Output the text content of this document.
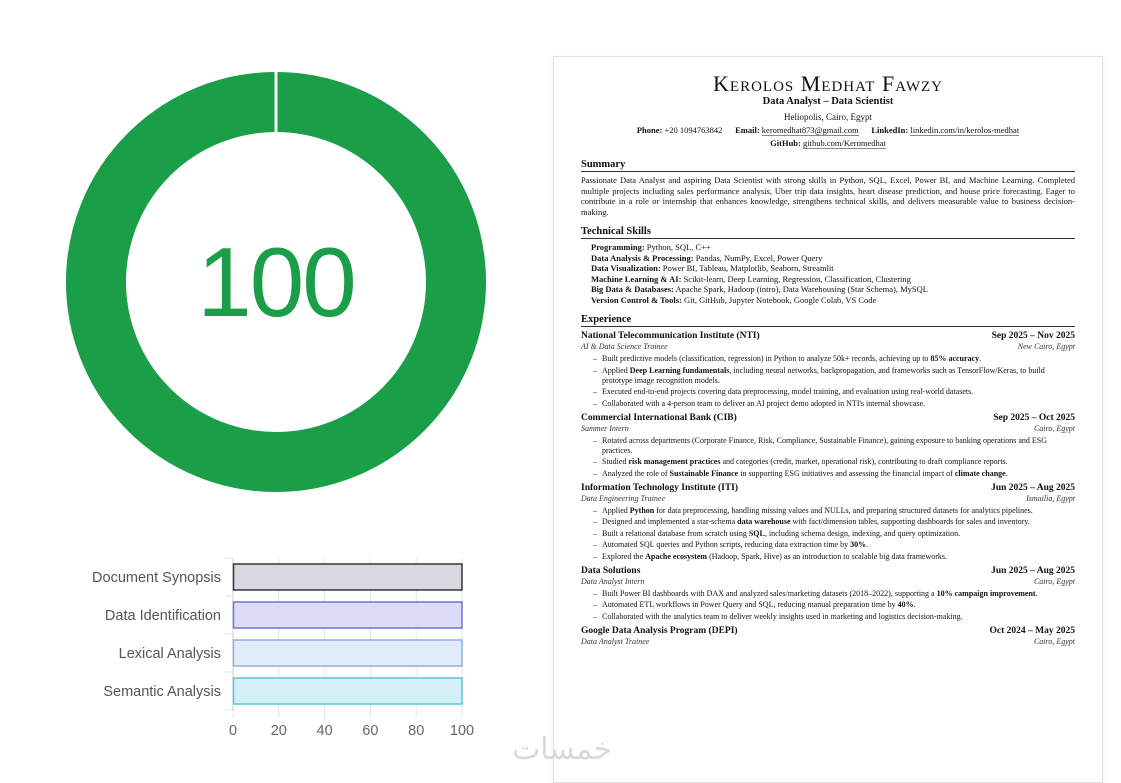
100
Document Synopsis
Data Identification
Lexical Analysis
Semantic Analysis
0 20 40 60 80 100
Kerolos Medhat Fawzy
Data Analyst – Data Scientist
Heliopolis, Cairo, Egypt
Phone: +20 1094763842 Email: keromedhat873@gmail.com LinkedIn: linkedin.com/in/kerolos-medhat
GitHub: github.com/Keromedhat
Summary
Passionate Data Analyst and aspiring Data Scientist with strong skills in Python, SQL, Excel, Power BI, and Machine Learning. Completed multiple projects including sales performance analysis, Uber trip data insights, heart disease prediction, and house price forecasting. Eager to contribute in a role or internship that enhances knowledge, strengthens technical skills, and delivers measurable value to business decision-making.
Technical Skills
Programming: Python, SQL, C++
Data Analysis & Processing: Pandas, NumPy, Excel, Power Query
Data Visualization: Power BI, Tableau, Matplotlib, Seaborn, Streamlit
Machine Learning & AI: Scikit-learn, Deep Learning, Regression, Classification, Clustering
Big Data & Databases: Apache Spark, Hadoop (intro), Data Warehousing (Star Schema), MySQL
Version Control & Tools: Git, GitHub, Jupyter Notebook, Google Colab, VS Code
Experience
National Telecommunication Institute (NTI)	Sep 2025 – Nov 2025
AI & Data Science Trainee	New Cairo, Egypt
– Built predictive models (classification, regression) in Python to analyze 50k+ records, achieving up to 85% accuracy.
– Applied Deep Learning fundamentals, including neural networks, backpropagation, and frameworks such as TensorFlow/Keras, to build prototype image recognition models.
– Executed end-to-end projects covering data preprocessing, model training, and evaluation using real-world datasets.
– Collaborated with a 4-person team to deliver an AI project demo adopted in NTI's internal showcase.
Commercial International Bank (CIB)	Sep 2025 – Oct 2025
Summer Intern	Cairo, Egypt
– Rotated across departments (Corporate Finance, Risk, Compliance, Sustainable Finance), gaining exposure to banking operations and ESG practices.
– Studied risk management practices and categories (credit, market, operational risk), contributing to draft compliance reports.
– Analyzed the role of Sustainable Finance in supporting ESG initiatives and assessing the financial impact of climate change.
Information Technology Institute (ITI)	Jun 2025 – Aug 2025
Data Engineering Trainee	Ismailia, Egypt
– Applied Python for data preprocessing, handling missing values and NULLs, and preparing structured datasets for analytics pipelines.
– Designed and implemented a star-schema data warehouse with fact/dimension tables, supporting dashboards for sales and inventory.
– Built a relational database from scratch using SQL, including schema design, indexing, and query optimization.
– Automated SQL queries and Python scripts, reducing data extraction time by 30%.
– Explored the Apache ecosystem (Hadoop, Spark, Hive) as an introduction to scalable big data frameworks.
Data Solutions	Jun 2025 – Aug 2025
Data Analyst Intern	Cairo, Egypt
– Built Power BI dashboards with DAX and analyzed sales/marketing datasets (2018–2022), supporting a 10% campaign improvement.
– Automated ETL workflows in Power Query and SQL, reducing manual preparation time by 40%.
– Collaborated with the analytics team to deliver weekly insights used in marketing and logistics decision-making.
Google Data Analysis Program (DEPI)	Oct 2024 – May 2025
Data Analyst Trainee	Cairo, Egypt
خمسات
